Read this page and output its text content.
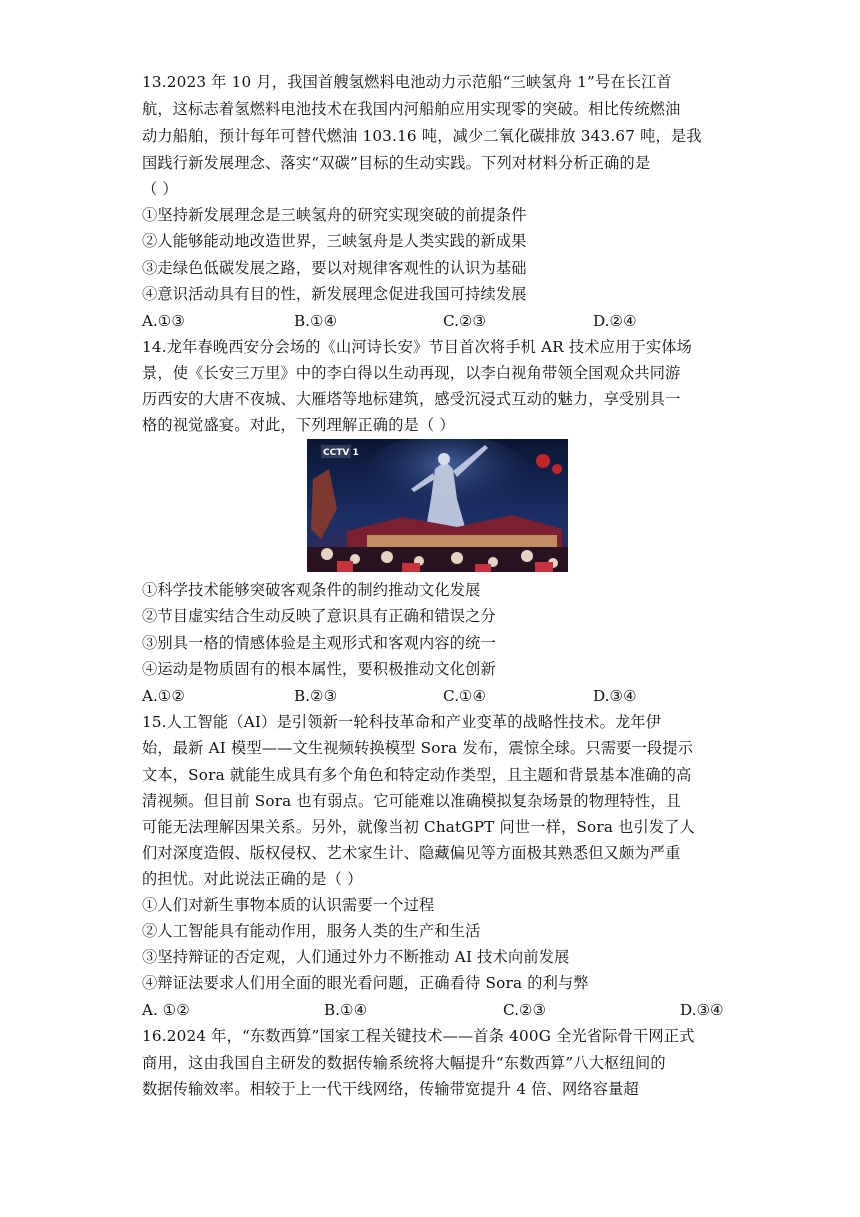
13.2023 年 10 月，我国首艘氢燃料电池动力示范船“三峡氢舟 1”号在长江首
航，这标志着氢燃料电池技术在我国内河船舶应用实现零的突破。相比传统燃油
动力船舶，预计每年可替代燃油 103.16 吨，减少二氧化碳排放 343.67 吨，是我
国践行新发展理念、落实“双碳”目标的生动实践。下列对材料分析正确的是
（ ）
①坚持新发展理念是三峡氢舟的研究实现突破的前提条件
②人能够能动地改造世界，三峡氢舟是人类实践的新成果
③走绿色低碳发展之路，要以对规律客观性的认识为基础
④意识活动具有目的性，新发展理念促进我国可持续发展
A.①③	B.①④	C.②③	D.②④
14.龙年春晚西安分会场的《山河诗长安》节目首次将手机 AR 技术应用于实体场
景，使《长安三万里》中的李白得以生动再现，以李白视角带领全国观众共同游
历西安的大唐不夜城、大雁塔等地标建筑，感受沉浸式互动的魅力，享受别具一
格的视觉盛宴。对此，下列理解正确的是（ ）
CCTV 1
①科学技术能够突破客观条件的制约推动文化发展
②节目虚实结合生动反映了意识具有正确和错误之分
③别具一格的情感体验是主观形式和客观内容的统一
④运动是物质固有的根本属性，要积极推动文化创新
A.①②	B.②③	C.①④	D.③④
15.人工智能（AI）是引领新一轮科技革命和产业变革的战略性技术。龙年伊
始，最新 AI 模型——文生视频转换模型 Sora 发布，震惊全球。只需要一段提示
文本，Sora 就能生成具有多个角色和特定动作类型，且主题和背景基本准确的高
清视频。但目前 Sora 也有弱点。它可能难以准确模拟复杂场景的物理特性，且
可能无法理解因果关系。另外，就像当初 ChatGPT 问世一样，Sora 也引发了人
们对深度造假、版权侵权、艺术家生计、隐藏偏见等方面极其熟悉但又颇为严重
的担忧。对此说法正确的是（ ）
①人们对新生事物本质的认识需要一个过程
②人工智能具有能动作用，服务人类的生产和生活
③坚持辩证的否定观，人们通过外力不断推动 AI 技术向前发展
④辩证法要求人们用全面的眼光看问题，正确看待 Sora 的利与弊
A. ①②	B.①④	C.②③	D.③④
16.2024 年，“东数西算”国家工程关键技术——首条 400G 全光省际骨干网正式
商用，这由我国自主研发的数据传输系统将大幅提升“东数西算”八大枢纽间的
数据传输效率。相较于上一代干线网络，传输带宽提升 4 倍、网络容量超
